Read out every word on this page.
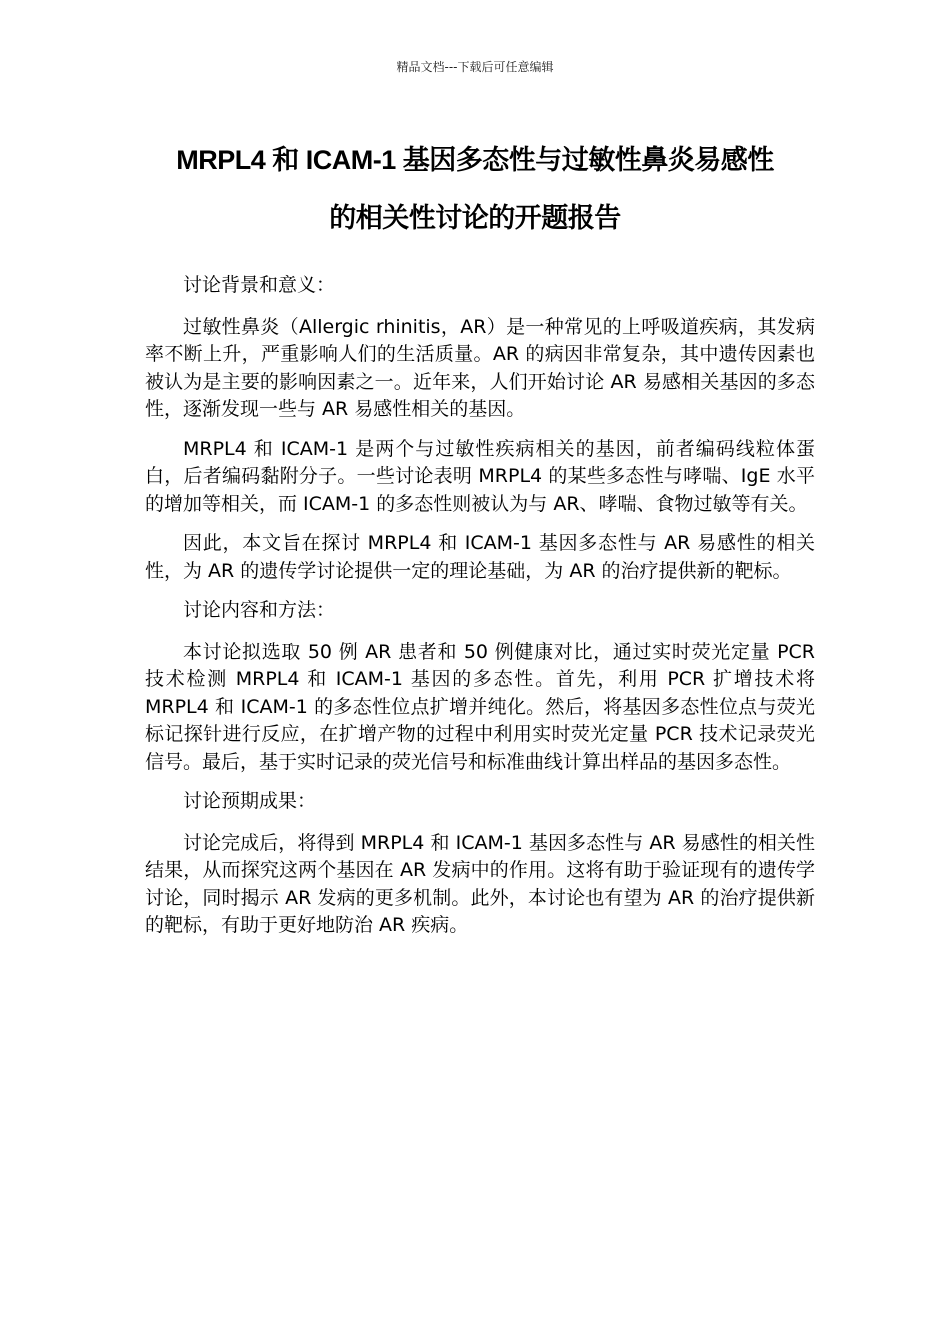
精品文档---下载后可任意编辑
MRPL4 和 ICAM-1 基因多态性与过敏性鼻炎易感性
的相关性讨论的开题报告

讨论背景和意义：

过敏性鼻炎（Allergic rhinitis，AR）是一种常见的上呼吸道疾病，其发病率不断上升，严重影响人们的生活质量。AR 的病因非常复杂，其中遗传因素也被认为是主要的影响因素之一。近年来，人们开始讨论 AR 易感相关基因的多态性，逐渐发现一些与 AR 易感性相关的基因。

MRPL4 和 ICAM-1 是两个与过敏性疾病相关的基因，前者编码线粒体蛋白，后者编码黏附分子。一些讨论表明 MRPL4 的某些多态性与哮喘、IgE 水平的增加等相关，而 ICAM-1 的多态性则被认为与 AR、哮喘、食物过敏等有关。

因此，本文旨在探讨 MRPL4 和 ICAM-1 基因多态性与 AR 易感性的相关性，为 AR 的遗传学讨论提供一定的理论基础，为 AR 的治疗提供新的靶标。

讨论内容和方法：

本讨论拟选取 50 例 AR 患者和 50 例健康对比，通过实时荧光定量 PCR 技术检测 MRPL4 和 ICAM-1 基因的多态性。首先，利用 PCR 扩增技术将 MRPL4 和 ICAM-1 的多态性位点扩增并纯化。然后，将基因多态性位点与荧光标记探针进行反应，在扩增产物的过程中利用实时荧光定量 PCR 技术记录荧光信号。最后，基于实时记录的荧光信号和标准曲线计算出样品的基因多态性。

讨论预期成果：

讨论完成后，将得到 MRPL4 和 ICAM-1 基因多态性与 AR 易感性的相关性结果，从而探究这两个基因在 AR 发病中的作用。这将有助于验证现有的遗传学讨论，同时揭示 AR 发病的更多机制。此外，本讨论也有望为 AR 的治疗提供新的靶标，有助于更好地防治 AR 疾病。
